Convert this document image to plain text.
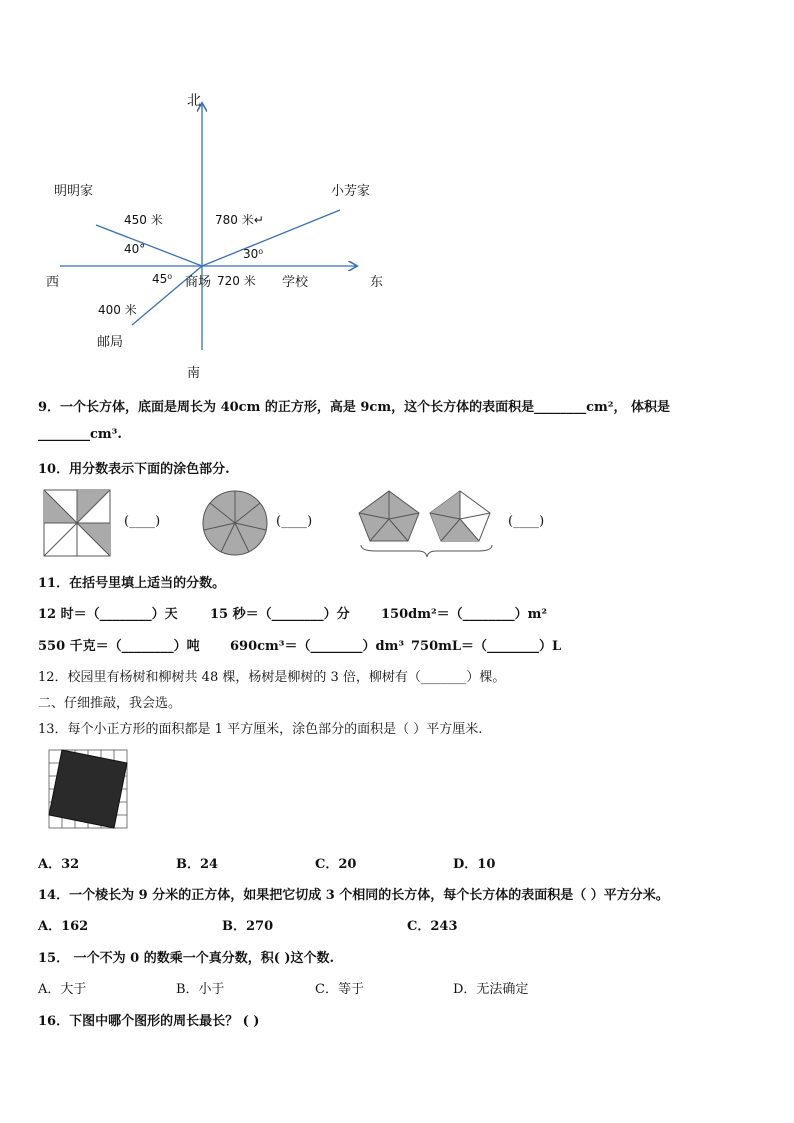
北
明明家	小芳家
450 米	780 米↵
40°	30⁰
西	45⁰ 商场 720 米 学校	东
400 米
邮局
南
9．一个长方体，底面是周长为 40cm 的正方形，高是 9cm，这个长方体的表面积是________cm²， 体积是
________cm³.
10．用分数表示下面的涂色部分.
(____)	(____)	(____)
11．在括号里填上适当的分数。
12 时＝（________）天 15 秒＝（________）分 150dm²＝（________）m²
550 千克＝（________）吨 690cm³＝（________）dm³ 750mL＝（________）L
12．校园里有杨树和柳树共 48 棵，杨树是柳树的 3 倍，柳树有（_______）棵。
二、仔细推敲，我会选。
13．每个小正方形的面积都是 1 平方厘米，涂色部分的面积是（ ）平方厘米.
A．32	B．24	C．20	D．10
14．一个棱长为 9 分米的正方体，如果把它切成 3 个相同的长方体，每个长方体的表面积是（ ）平方分米。
A．162	B．270	C．243
15． 一个不为 0 的数乘一个真分数，积( )这个数.
A．大于	B．小于	C．等于	D．无法确定
16．下图中哪个图形的周长最长？ ( )
